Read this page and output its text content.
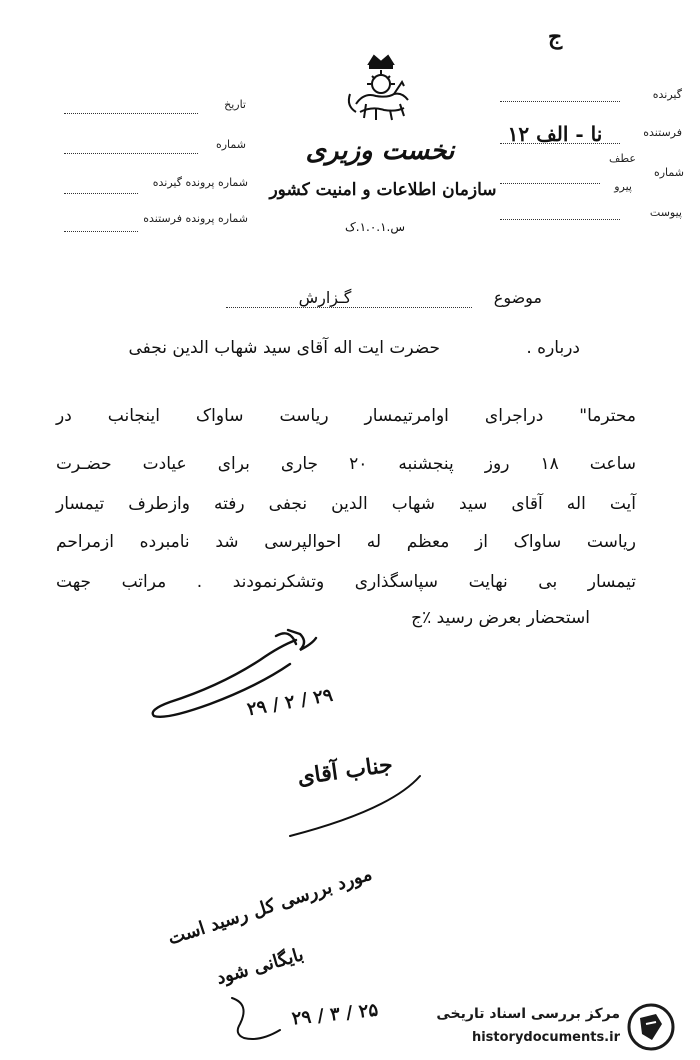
ج
نخست وزیری
سازمان اطلاعات و امنیت کشور
س.۱.۰.۱.ک
گیرنده
فرستنده
نا - الف ۱۲
شماره
عطف
پیرو
پیوست
تاریخ
شماره
شماره پرونده گیرنده
شماره پرونده فرستنده
موضوع
گـزارش
درباره .
حضرت ایت اله آقای سید شهاب الدین نجفی
محترما" دراجرای اوامرتیمسار ریاست ساواک اینجانب در
ساعت ۱۸ روز پنجشنبه ۲۰ جاری برای عیادت حضـرت
آیت اله آقای سید شهاب الدین نجفی رفته وازطرف تیمسار
ریاست ساواک از معظم له احوالپرسی شد نامبرده ازمراحم
تیمسار بی نهایت سپاسگذاری وتشکرنمودند . مراتب جهت
استحضار بعرض رسید ٪ج
۲۹ / ۲ / ۲۹
جناب آقای
مورد بررسی کل رسید است
بایگانی شود
۲۹ / ۳ / ۲۵	مرکز بررسی اسناد تاریخی
historydocuments.ir
